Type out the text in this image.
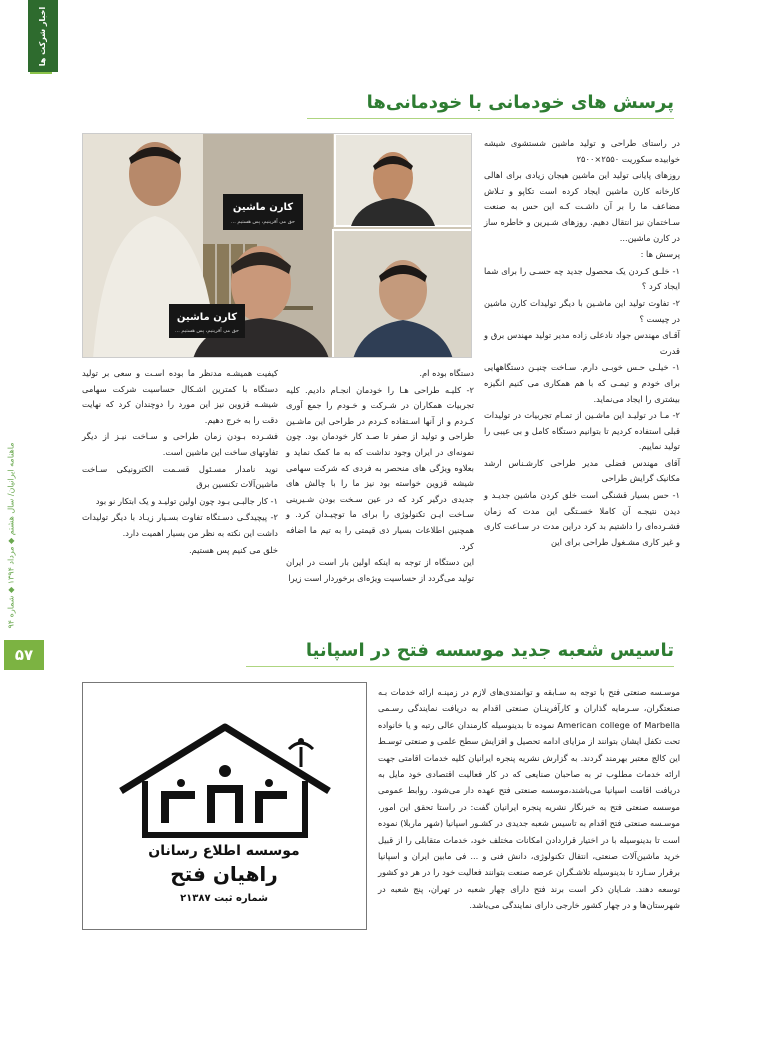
اخبار شرکت ها
ماهنامه ایرانیان/ سال هشتم ◆ مرداد ۱۳۹۴ ◆ شماره ۹۴
۵۷
پرسش های خودمانی با خودمانی‌ها
کارن ماشین
حق می آفرینیم، پس هستیم ...
کارن ماشین
حق می آفرینیم، پس هستیم ...

در راستای طراحی و تولید ماشین شستشوی شیشه خوابیده سکوریت ۲۵۵۰×۲۵۰۰

روزهای پایانی تولید این ماشین هیجان زیادی برای اهالی کارخانه کارن ماشین ایجاد کرده است تکاپو و تـلاش مضاعف ما را بر آن داشـت کـه این حس به صنعت سـاختمان نیز انتقال دهیم. روزهای شـیرین و خاطره ساز در کارن ماشین...

پرسش ها :

۱- خلـق کـردن یک محصول جدید چه حسـی را برای شما ایجاد کرد ؟

۲- تفاوت تولید این ماشـین با دیگر تولیدات کارن ماشین در چیست ؟

آقـای مهندس جواد نادعلی زاده مدیر تولید مهندس برق و قدرت

۱- خیلـی حـس خوبـی دارم. سـاخت چنیـن دستگاههایی برای خودم و تیمـی که با هم همکاری می کنیم انگیزه بیشتری را ایجاد می‌نماید.

۲- مـا در تولیـد این ماشـین از تمـام تجربیات در تولیدات قبلی استفاده کردیم تا بتوانیم دستگاه کامل و بی عیبی را تولید نماییم.

آقای مهندس فضلی مدیر طراحی کارشـناس ارشد مکانیک گرایش طراحی

۱- حس بسیار قشنگی است خلق کردن ماشین جدیـد و دیدن نتیجـه آن کاملا خسـتگی این مدت که زمان فشـرده‌ای را داشتیم بد کرد دراین مدت در سـاعت کاری و غیر کاری مشـغول طراحی برای این

دستگاه بوده ام.

۲- کلیـه طراحی هـا را خودمان انجـام دادیم. کلیه تجربیات همکاران در شـرکت و خـودم را جمع آوری کـردم و از آنها اسـتفاده کـردم در طراحی این ماشـین طراحی و تولید از صفر تا صـد کار خودمان بود. چون نمونه‌ای در ایران وجود نداشت که به ما کمک نماید و بعلاوه ویژگی های منحصر به فردی که شرکت سهامی شیشه قزوین خواسته بود نیز ما را با چالش های جدیدی درگیر کرد که در عین سـخت بودن شـیرینی سـاخت ایـن تکنولوژی را برای ما توچیـدان کرد. و همچنین اطلاعات بسیار ذی قیمتی را به تیم ما اضافه کرد.

این دستگاه از توجه به اینکه اولین بار است در ایران تولید می‌گردد از حساسیت ویژه‌ای برخوردار است زیرا

کیفیت همیشـه مدنظر ما بوده اسـت و سعی بر تولید دستگاه با کمترین اشـکال حساسیت شرکت سهامی شیشـه قزوین نیز این مورد را دوچندان کرد که نهایت دقت را به خرج دهیم.

فشـرده بـودن زمان طراحی و سـاخت نیـز از دیگر تفاوتهای ساخت این ماشین است.

نوید نامدار مسـئول قسـمت الکترونیکی سـاخت ماشین‌آلات تکنسین برق

۱- کار جالبـی بـود چون اولین تولیـد و یک ابتکار نو بود

۲- پیچیدگـی دسـتگاه تفاوت بسـیار زیـاد با دیگر تولیدات داشت این نکته به نظر من بسیار اهمیت دارد.

خلق می کنیم پس هستیم.

تاسیس شعبه جدید موسسه فتح در اسپانیا

موسـسه صنعتی فتح با توجه به سـابقه و توانمندی‌های لازم در زمینـه ارائه خدمات بـه صنعتگران، سـرمایه گذاران و کارآفرینـان صنعتی اقدام به دریافت نمایندگی رسـمی American college of Marbella نموده تا بدینوسیله کارمندان عالی رتبه و یا خانواده تحت تکفل ایشان بتوانند از مزایای ادامه تحصیل و افزایش سطح علمی و صنعتی توسـط این کالج معتبر بهرمند گردند. به گزارش نشریه پنجره ایرانیان کلیه خدمات اقامتی جهت ارائه خدمات مطلوب تر به صاحبان صنایعی که در کار فعالیت اقتصادی خود مایل به دریافت اقامت اسپانیا می‌باشند،موسسه صنعتی فتح عهده دار می‌شود. روابط عمومی موسسه صنعتی فتح به خبرنگار نشریه پنجره ایرانیان گفت: در راستا تحقق این امور، موسـسه صنعتی فتح اقدام به تاسیس شعبه جدیدی در کشـور اسپانیا (شهر ماربلا) نموده است تا بدینوسیله با در اختیار قراردادن امکانات مختلف خود، خدمات متقابلی را از قبیل خرید ماشین‌آلات صنعتی، انتقال تکنولوژی، دانش فنی و ... فی مابین ایران و اسپانیا برقرار سـازد تا بدینوسیله تلاشـگران عرصه صنعت بتوانند فعالیت خود را در هر دو کشور توسعه دهند. شـایان ذکر است برند فتح دارای چهار شعبه در تهران، پنج شعبه در شهرستان‌ها و در چهار کشور خارجی دارای نمایندگی می‌باشد.

موسسه اطلاع رسانان
راهیان فتح
شماره ثبت ۲۱۳۸۷
